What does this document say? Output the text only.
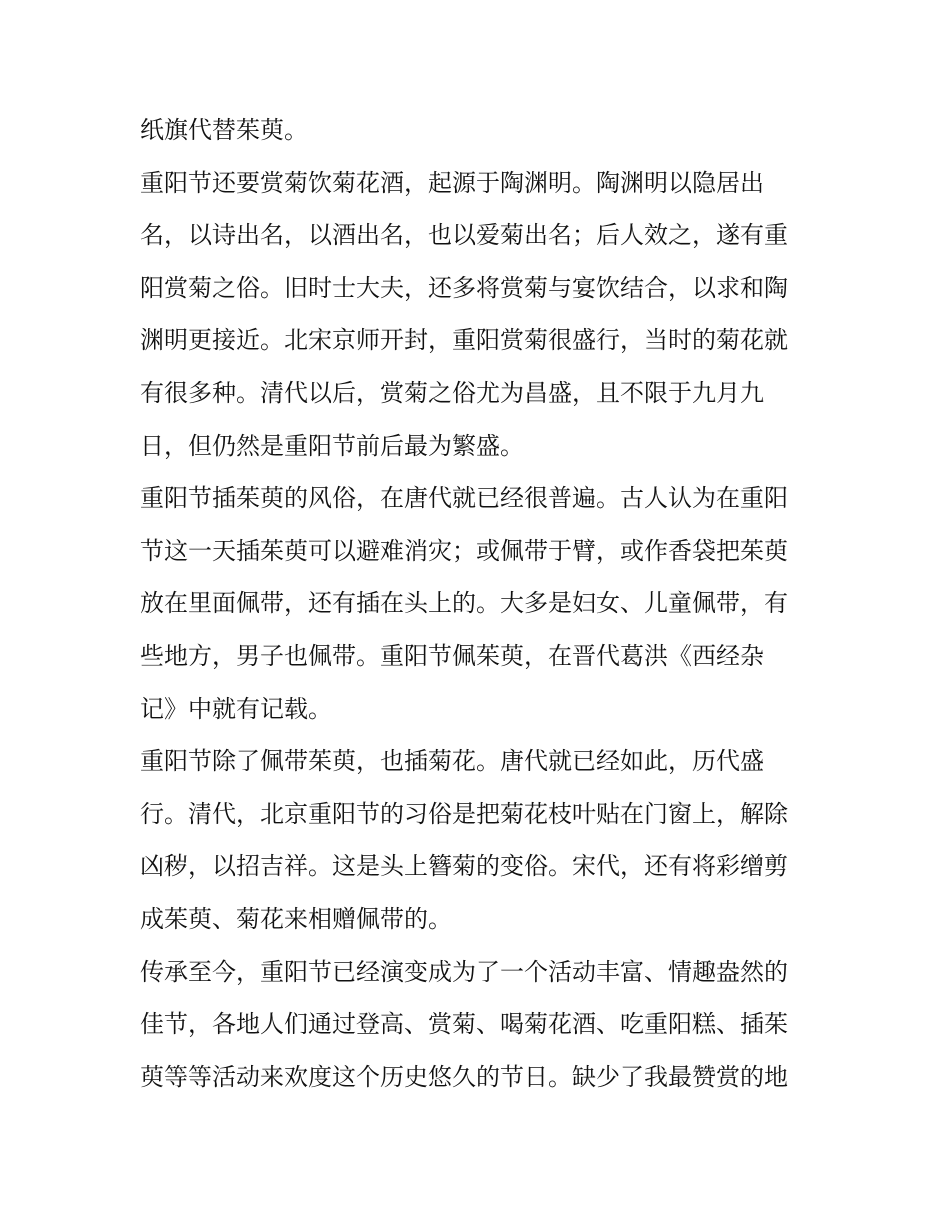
纸旗代替茱萸。
重阳节还要赏菊饮菊花酒，起源于陶渊明。陶渊明以隐居出
名，以诗出名，以酒出名，也以爱菊出名；后人效之，遂有重
阳赏菊之俗。旧时士大夫，还多将赏菊与宴饮结合，以求和陶
渊明更接近。北宋京师开封，重阳赏菊很盛行，当时的菊花就
有很多种。清代以后，赏菊之俗尤为昌盛，且不限于九月九
日，但仍然是重阳节前后最为繁盛。
重阳节插茱萸的风俗，在唐代就已经很普遍。古人认为在重阳
节这一天插茱萸可以避难消灾；或佩带于臂，或作香袋把茱萸
放在里面佩带，还有插在头上的。大多是妇女、儿童佩带，有
些地方，男子也佩带。重阳节佩茱萸，在晋代葛洪《西经杂
记》中就有记载。
重阳节除了佩带茱萸，也插菊花。唐代就已经如此，历代盛
行。清代，北京重阳节的习俗是把菊花枝叶贴在门窗上，解除
凶秽，以招吉祥。这是头上簪菊的变俗。宋代，还有将彩缯剪
成茱萸、菊花来相赠佩带的。
传承至今，重阳节已经演变成为了一个活动丰富、情趣盎然的
佳节，各地人们通过登高、赏菊、喝菊花酒、吃重阳糕、插茱
萸等等活动来欢度这个历史悠久的节日。缺少了我最赞赏的地
